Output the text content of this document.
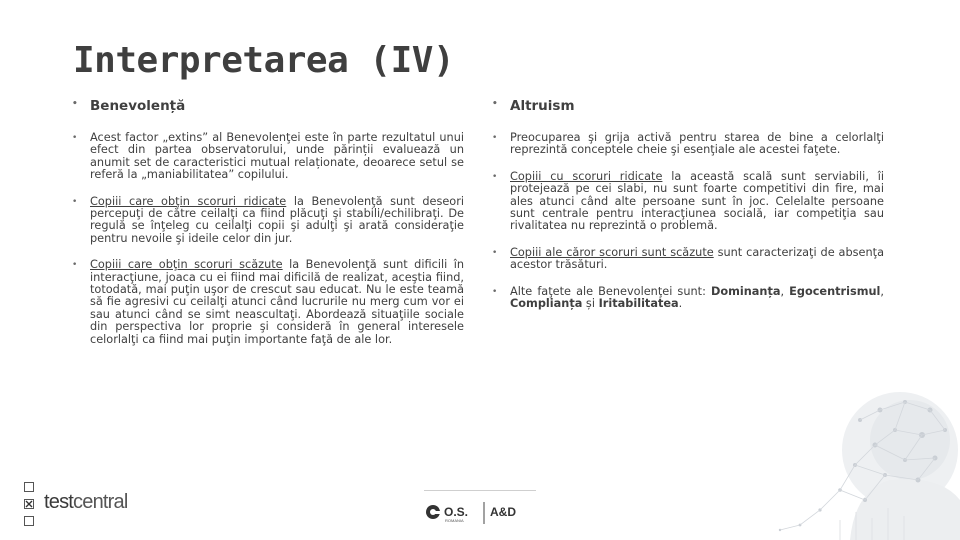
Interpretarea (IV)
• Benevolență
•	Acest factor „extins” al Benevolenţei este în parte rezultatul unui efect din partea observatorului, unde părinții evaluează un anumit set de caracteristici mutual relaționate, deoarece setul se referă la „maniabilitatea” copilului.
•	Copiii care obţin scoruri ridicate la Benevolenţă sunt deseori percepuţi de către ceilalţi ca fiind plăcuţi şi stabili/echilibraţi. De regulă se înţeleg cu ceilalţi copii şi adulţi şi arată consideraţie pentru nevoile şi ideile celor din jur.
•	Copiii care obţin scoruri scăzute la Benevolenţă sunt dificili în interacţiune, joaca cu ei fiind mai dificilă de realizat, aceştia fiind, totodată, mai puţin uşor de crescut sau educat. Nu le este teamă să fie agresivi cu ceilalţi atunci când lucrurile nu merg cum vor ei sau atunci când se simt neascultaţi. Abordează situaţiile sociale din perspectiva lor proprie şi consideră în general interesele celorlalţi ca fiind mai puţin importante faţă de ale lor.
• Altruism
•	Preocuparea şi grija activă pentru starea de bine a celorlalţi reprezintă conceptele cheie şi esenţiale ale acestei faţete.
•	Copiii cu scoruri ridicate la această scală sunt serviabili, îi protejează pe cei slabi, nu sunt foarte competitivi din fire, mai ales atunci când alte persoane sunt în joc. Celelalte persoane sunt centrale pentru interacţiunea socială, iar competiţia sau rivalitatea nu reprezintă o problemă.
•	Copiii ale căror scoruri sunt scăzute sunt caracterizaţi de absenţa acestor trăsături.
•	Alte faţete ale Benevolenţei sunt: Dominanța, Egocentrismul, Complianța și Iritabilitatea.
testcentral	O.S.
ROMANIA
A&D
